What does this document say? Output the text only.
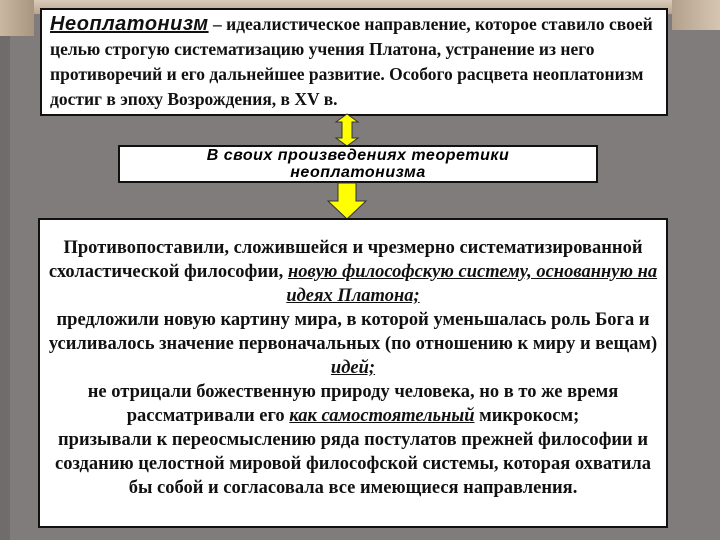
Неоплатонизм – идеалистическое направление, которое ставило своей целью строгую систематизацию учения Платона, устранение из него противоречий и его дальнейшее развитие. Особого расцвета неоплатонизм достиг в эпоху Возрождения, в XV в.

В своих произведениях теоретики

неоплатонизма

Противопоставили, сложившейся и чрезмерно систематизированной схоластической философии, новую философскую систему, основанную на идеях Платона;

предложили новую картину мира, в которой уменьшалась роль Бога и усиливалось значение первоначальных (по отношению к миру и вещам) идей;

не отрицали божественную природу человека, но в то же время рассматривали его как самостоятельный микрокосм;

призывали к переосмыслению ряда постулатов прежней философии и созданию целостной мировой философской системы, которая охватила бы собой и согласовала все имеющиеся направления.
